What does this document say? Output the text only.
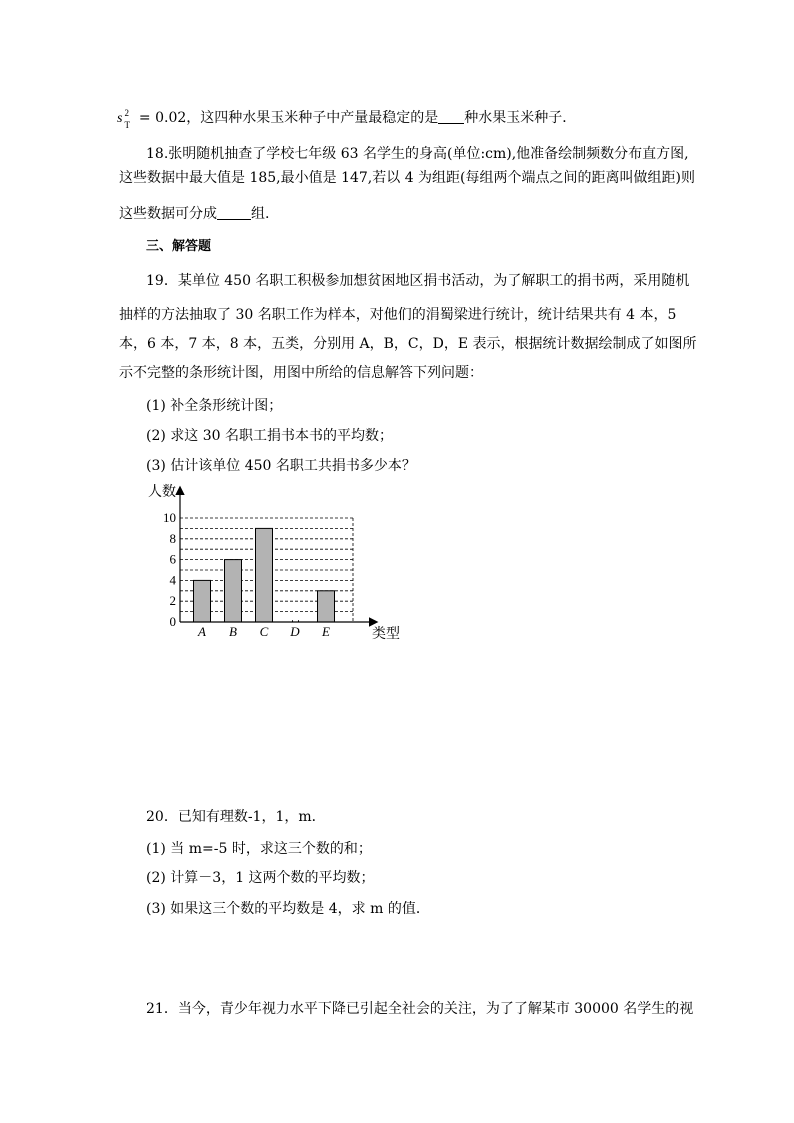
s 2
T = 0.02，这四种水果玉米种子中产量最稳定的是 种水果玉米种子．
18.张明随机抽查了学校七年级 63 名学生的身高(单位:cm),他准备绘制频数分布直方图,
这些数据中最大值是 185,最小值是 147,若以 4 为组距(每组两个端点之间的距离叫做组距)则
这些数据可分成 组.
三、解答题
19．某单位 450 名职工积极参加想贫困地区捐书活动，为了解职工的捐书两，采用随机
抽样的方法抽取了 30 名职工作为样本，对他们的涓蜀梁进行统计，统计结果共有 4 本，5
本，6 本，7 本，8 本，五类，分别用 A，B，C，D，E 表示，根据统计数据绘制成了如图所
示不完整的条形统计图，用图中所给的信息解答下列问题：
(1) 补全条形统计图；
(2) 求这 30 名职工捐书本书的平均数；
(3) 估计该单位 450 名职工共捐书多少本？
0
2
4
6
8
10
A B C D E
人数
类型
20．已知有理数-1，1，m．
(1) 当 m=-5 时，求这三个数的和；
(2) 计算－3，1 这两个数的平均数；
(3) 如果这三个数的平均数是 4，求 m 的值．
21．当今，青少年视力水平下降已引起全社会的关注，为了了解某市 30000 名学生的视
